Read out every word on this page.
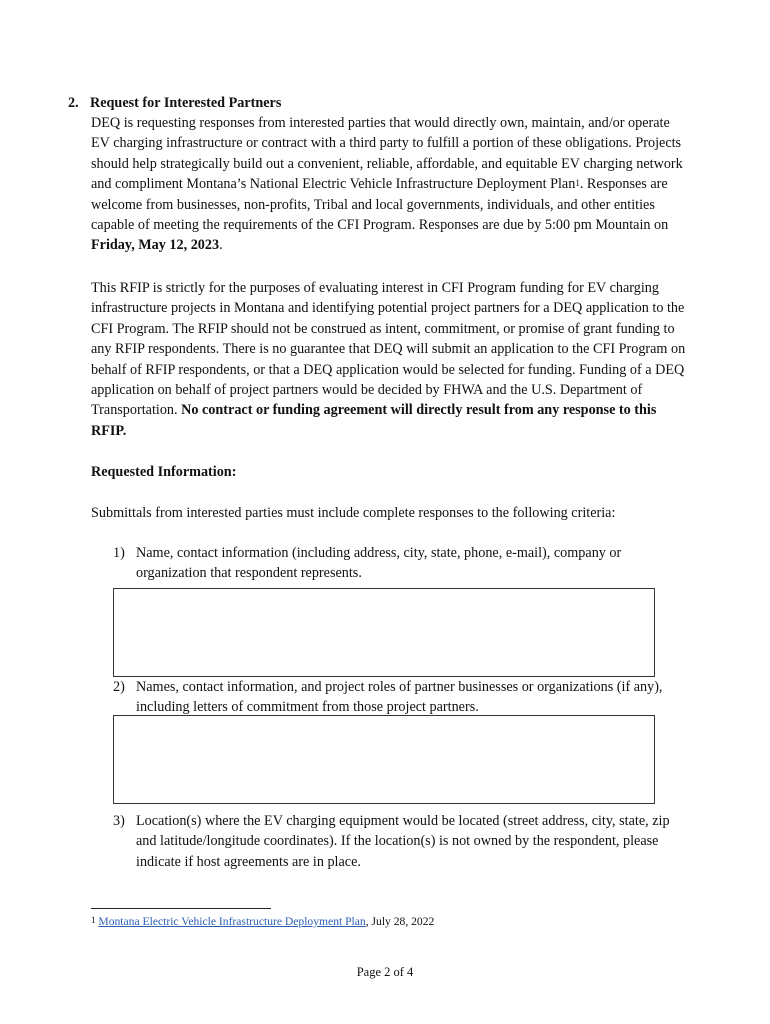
2. Request for Interested Partners

DEQ is requesting responses from interested parties that would directly own, maintain, and/or operate EV charging infrastructure or contract with a third party to fulfill a portion of these obligations. Projects should help strategically build out a convenient, reliable, affordable, and equitable EV charging network and compliment Montana’s National Electric Vehicle Infrastructure Deployment Plan$^1$. Responses are welcome from businesses, non-profits, Tribal and local governments, individuals, and other entities capable of meeting the requirements of the CFI Program. Responses are due by 5:00 pm Mountain on Friday, May 12, 2023.

This RFIP is strictly for the purposes of evaluating interest in CFI Program funding for EV charging infrastructure projects in Montana and identifying potential project partners for a DEQ application to the CFI Program. The RFIP should not be construed as intent, commitment, or promise of grant funding to any RFIP respondents. There is no guarantee that DEQ will submit an application to the CFI Program on behalf of RFIP respondents, or that a DEQ application would be selected for funding. Funding of a DEQ application on behalf of project partners would be decided by FHWA and the U.S. Department of Transportation. No contract or funding agreement will directly result from any response to this RFIP.

Requested Information:

Submittals from interested parties must include complete responses to the following criteria:

1) Name, contact information (including address, city, state, phone, e-mail), company or organization that respondent represents.
2) Names, contact information, and project roles of partner businesses or organizations (if any), including letters of commitment from those project partners.
3) Location(s) where the EV charging equipment would be located (street address, city, state, zip and latitude/longitude coordinates). If the location(s) is not owned by the respondent, please indicate if host agreements are in place.
$^1$ Montana Electric Vehicle Infrastructure Deployment Plan, July 28, 2022
Page 2 of 4
